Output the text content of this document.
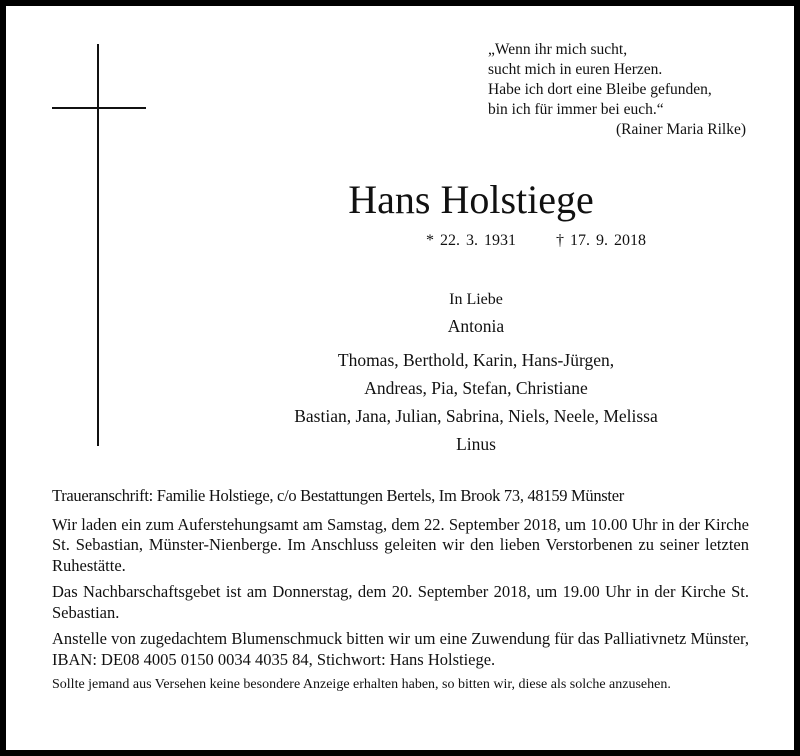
„Wenn ihr mich sucht,
sucht mich in euren Herzen.
Habe ich dort eine Bleibe gefunden,
bin ich für immer bei euch.“
(Rainer Maria Rilke)
Hans Holstiege
* 22. 3. 1931	† 17. 9. 2018
In Liebe
Antonia
Thomas, Berthold, Karin, Hans-Jürgen,
Andreas, Pia, Stefan, Christiane
Bastian, Jana, Julian, Sabrina, Niels, Neele, Melissa
Linus

Traueranschrift: Familie Holstiege, c/o Bestattungen Bertels, Im Brook 73, 48159 Münster

Wir laden ein zum Auferstehungsamt am Samstag, dem 22. September 2018, um 10.00 Uhr in der Kirche St. Sebastian, Münster-Nienberge. Im Anschluss geleiten wir den lieben Verstorbenen zu seiner letzten Ruhestätte.

Das Nachbarschaftsgebet ist am Donnerstag, dem 20. September 2018, um 19.00 Uhr in der Kirche St. Sebastian.

Anstelle von zugedachtem Blumenschmuck bitten wir um eine Zuwendung für das Palliativnetz Münster, IBAN: DE08 4005 0150 0034 4035 84, Stichwort: Hans Holstiege.

Sollte jemand aus Versehen keine besondere Anzeige erhalten haben, so bitten wir, diese als solche anzusehen.
